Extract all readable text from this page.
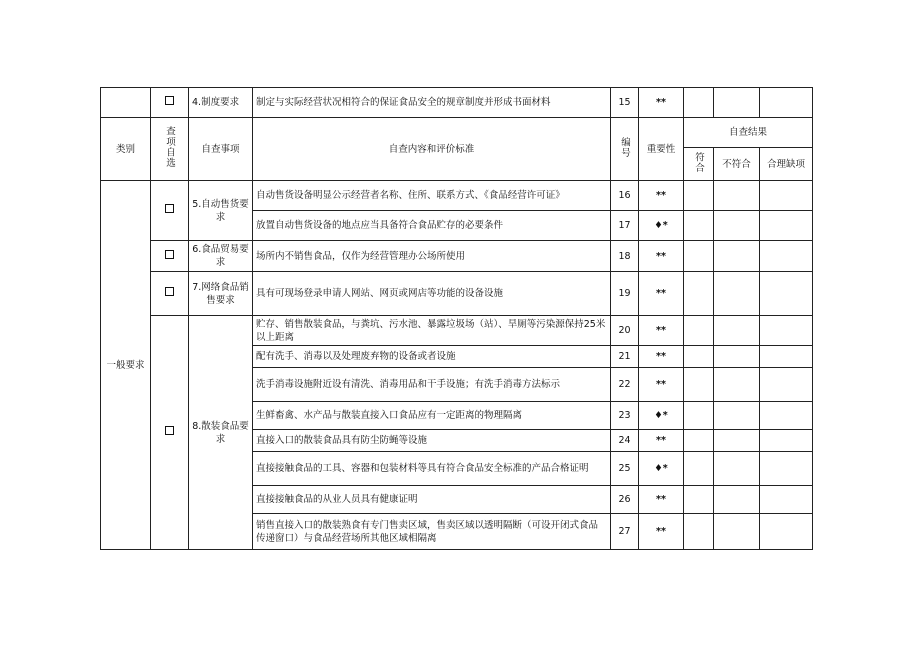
		4.制度要求	制定与实际经营状况相符合的保证食品安全的规章制度并形成书面材料	15	**			
类别	查项自选	自查事项	自查内容和评价标准	编号	重要性	自查结果		
						符合	不符合	合理缺项
一般要求		5.自动售货要求	自动售货设备明显公示经营者名称、住所、联系方式、《食品经营许可证》	16	**			
			放置自动售货设备的地点应当具备符合食品贮存的必要条件	17	♦*			
		6.食品贸易要求	场所内不销售食品，仅作为经营管理办公场所使用	18	**			
		7.网络食品销售要求	具有可现场登录申请人网站、网页或网店等功能的设备设施	19	**			
		8.散装食品要求	贮存、销售散装食品，与粪坑、污水池、暴露垃圾场（站）、旱厕等污染源保持25米以上距离	20	**			
			配有洗手、消毒以及处理废弃物的设备或者设施	21	**			
			洗手消毒设施附近设有清洗、消毒用品和干手设施；有洗手消毒方法标示	22	**			
			生鲜畜禽、水产品与散装直接入口食品应有一定距离的物理隔离	23	♦*			
			直接入口的散装食品具有防尘防蝇等设施	24	**			
			直接接触食品的工具、容器和包装材料等具有符合食品安全标准的产品合格证明	25	♦*			
			直接接触食品的从业人员具有健康证明	26	**			
			销售直接入口的散装熟食有专门售卖区域，售卖区域以透明隔断（可设开闭式食品传递窗口）与食品经营场所其他区域相隔离	27	**			
